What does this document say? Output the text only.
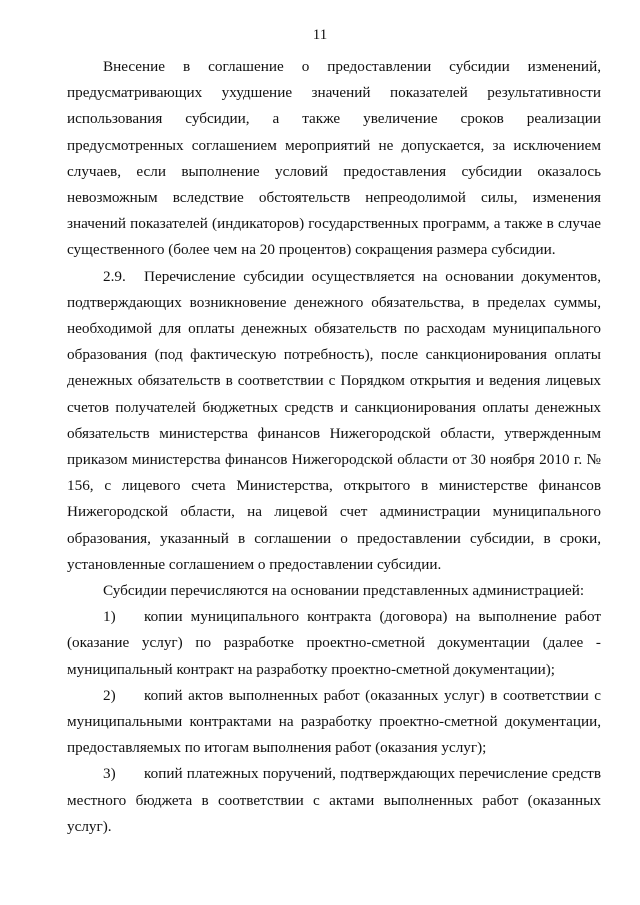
11

Внесение в соглашение о предоставлении субсидии изменений, предусматривающих ухудшение значений показателей результативности использования субсидии, а также увеличение сроков реализации предусмотренных соглашением мероприятий не допускается, за исключением случаев, если выполнение условий предоставления субсидии оказалось невозможным вследствие обстоятельств непреодолимой силы, изменения значений показателей (индикаторов) государственных программ, а также в случае существенного (более чем на 20 процентов) сокращения размера субсидии.

2.9. Перечисление субсидии осуществляется на основании документов, подтверждающих возникновение денежного обязательства, в пределах суммы, необходимой для оплаты денежных обязательств по расходам муниципального образования (под фактическую потребность), после санкционирования оплаты денежных обязательств в соответствии с Порядком открытия и ведения лицевых счетов получателей бюджетных средств и санкционирования оплаты денежных обязательств министерства финансов Нижегородской области, утвержденным приказом министерства финансов Нижегородской области от 30 ноября 2010 г. № 156, с лицевого счета Министерства, открытого в министерстве финансов Нижегородской области, на лицевой счет администрации муниципального образования, указанный в соглашении о предоставлении субсидии, в сроки, установленные соглашением о предоставлении субсидии.

Субсидии перечисляются на основании представленных администрацией:

1) копии муниципального контракта (договора) на выполнение работ (оказание услуг) по разработке проектно-сметной документации (далее - муниципальный контракт на разработку проектно-сметной документации);

2) копий актов выполненных работ (оказанных услуг) в соответствии с муниципальными контрактами на разработку проектно-сметной документации, предоставляемых по итогам выполнения работ (оказания услуг);

3) копий платежных поручений, подтверждающих перечисление средств местного бюджета в соответствии с актами выполненных работ (оказанных услуг).
